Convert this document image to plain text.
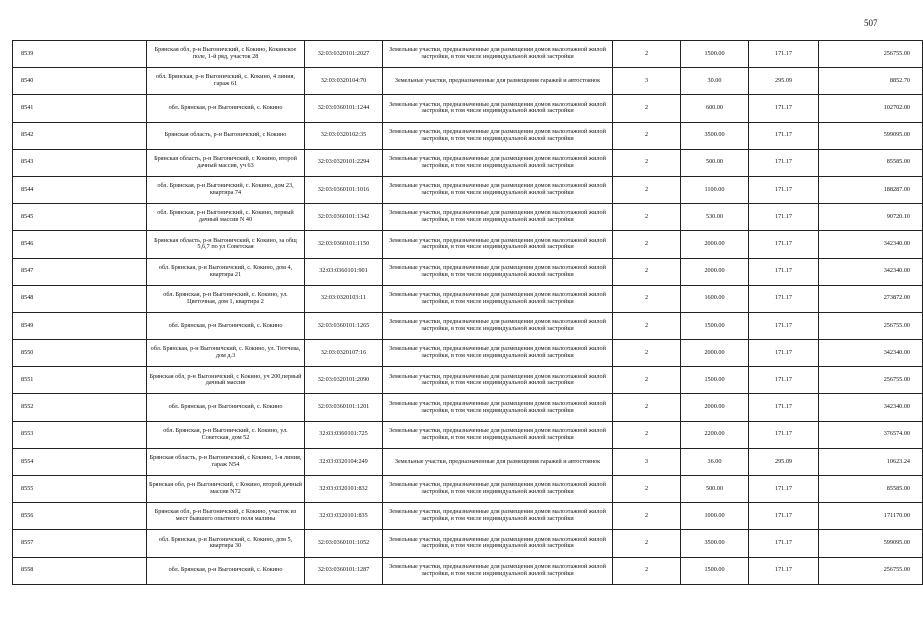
507
8539	Брянская обл, р-н Выгоничский, с Кокино, Кокинское поле, 1-й ряд, участок 28	32:03:0320101:2027	Земельные участки, предназначенные для размещения домов малоэтажной жилой застройки, в том числе индивидуальной жилой застройки	2	1500.00	171.17	256755.00
8540	обл. Брянская, р-н Выгоничский, с. Кокино, 4 линия, гараж 61	32:03:0320104:70	Земельные участки, предназначенные для размещения гаражей и автостоянок	3	30.00	295.09	8852.70
8541	обл. Брянская, р-н Выгоничский, с. Кокино	32:03:0360101:1244	Земельные участки, предназначенные для размещения домов малоэтажной жилой застройки, в том числе индивидуальной жилой застройки	2	600.00	171.17	102702.00
8542	Брянская область, р-н Выгоничский, с Кокино	32:03:0320102:35	Земельные участки, предназначенные для размещения домов малоэтажной жилой застройки, в том числе индивидуальной жилой застройки	2	3500.00	171.17	599095.00
8543	Брянская область, р-н Выгоничский, с Кокино, второй дачный массив, уч 63	32:03:0320101:2294	Земельные участки, предназначенные для размещения домов малоэтажной жилой застройки, в том числе индивидуальной жилой застройки	2	500.00	171.17	85585.00
8544	обл. Брянская, р-н Выгоничский, с. Кокино, дом 23, квартира 74	32:03:0360101:1016	Земельные участки, предназначенные для размещения домов малоэтажной жилой застройки, в том числе индивидуальной жилой застройки	2	1100.00	171.17	188287.00
8545	обл. Брянская, р-н Выгоничский, с. Кокино, первый дачный массив N 40	32:03:0360101:1342	Земельные участки, предназначенные для размещения домов малоэтажной жилой застройки, в том числе индивидуальной жилой застройки	2	530.00	171.17	90720.10
8546	Брянская область, р-н Выгоничский, с Кокино, за общ 5,6,7 по ул Советская	32:03:0360101:1150	Земельные участки, предназначенные для размещения домов малоэтажной жилой застройки, в том числе индивидуальной жилой застройки	2	2000.00	171.17	342340.00
8547	обл. Брянская, р-н Выгоничский, с. Кокино, дом 4, квартира 21	32:03:0360101:901	Земельные участки, предназначенные для размещения домов малоэтажной жилой застройки, в том числе индивидуальной жилой застройки	2	2000.00	171.17	342340.00
8548	обл. Брянская, р-н Выгоничский, с. Кокино, ул. Цветочная, дом 1, квартира 2	32:03:0320103:11	Земельные участки, предназначенные для размещения домов малоэтажной жилой застройки, в том числе индивидуальной жилой застройки	2	1600.00	171.17	273872.00
8549	обл. Брянская, р-н Выгоничский, с. Кокино	32:03:0360101:1265	Земельные участки, предназначенные для размещения домов малоэтажной жилой застройки, в том числе индивидуальной жилой застройки	2	1500.00	171.17	256755.00
8550	обл. Брянская, р-н Выгоничский, с. Кокино, ул. Тютчева, дом д.3	32:03:0320107:16	Земельные участки, предназначенные для размещения домов малоэтажной жилой застройки, в том числе индивидуальной жилой застройки	2	2000.00	171.17	342340.00
8551	Брянская обл, р-н Выгоничский, с Кокино, уч 200,первый дачный массив	32:03:0320101:2090	Земельные участки, предназначенные для размещения домов малоэтажной жилой застройки, в том числе индивидуальной жилой застройки	2	1500.00	171.17	256755.00
8552	обл. Брянская, р-н Выгоничский, с. Кокино	32:03:0360101:1201	Земельные участки, предназначенные для размещения домов малоэтажной жилой застройки, в том числе индивидуальной жилой застройки	2	2000.00	171.17	342340.00
8553	обл. Брянская, р-н Выгоничский, с. Кокино, ул. Советская, дом 52	32:03:0360101:725	Земельные участки, предназначенные для размещения домов малоэтажной жилой застройки, в том числе индивидуальной жилой застройки	2	2200.00	171.17	376574.00
8554	Брянская область, р-н Выгоничский, с Кокино, 1-я линия, гараж N54	32:03:0320104:249	Земельные участки, предназначенные для размещения гаражей и автостоянок	3	36.00	295.09	10623.24
8555	Брянская обл, р-н Выгоничский, с Кокино, второй дачный массив N72	32:03:0320101:832	Земельные участки, предназначенные для размещения домов малоэтажной жилой застройки, в том числе индивидуальной жилой застройки	2	500.00	171.17	85585.00
8556	Брянская обл, р-н Выгоничский, с Кокино, участок из мест бывшего опытного поля малины	32:03:0320101:835	Земельные участки, предназначенные для размещения домов малоэтажной жилой застройки, в том числе индивидуальной жилой застройки	2	1000.00	171.17	171170.00
8557	обл. Брянская, р-н Выгоничский, с. Кокино, дом 5, квартира 30	32:03:0360101:1052	Земельные участки, предназначенные для размещения домов малоэтажной жилой застройки, в том числе индивидуальной жилой застройки	2	3500.00	171.17	599095.00
8558	обл. Брянская, р-н Выгоничский, с. Кокино	32:03:0360101:1287	Земельные участки, предназначенные для размещения домов малоэтажной жилой застройки, в том числе индивидуальной жилой застройки	2	1500.00	171.17	256755.00
